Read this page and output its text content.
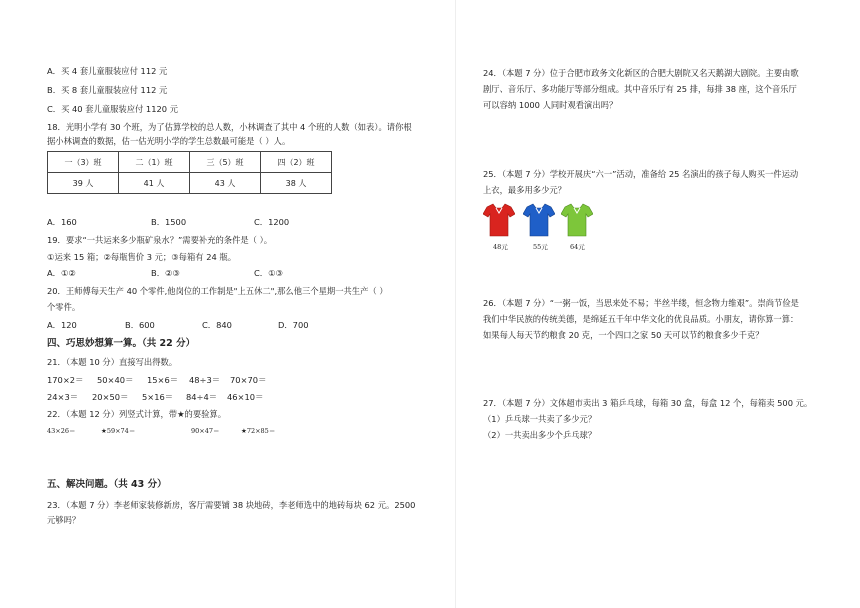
A．买 4 套儿童服装应付 112 元
B．买 8 套儿童服装应付 112 元
C．买 40 套儿童服装应付 1120 元
18．光明小学有 30 个班，为了估算学校的总人数，小林调查了其中 4 个班的人数（如表）。请你根
据小林调查的数据，估一估光明小学的学生总数最可能是（ ）人。
一（3）班	二（1）班	三（5）班	四（2）班
39 人	41 人	43 人	38 人
A．160	B．1500	C．1200
19．要求“一共运来多少瓶矿泉水？”需要补充的条件是（ ）。
①运来 15 箱；②每瓶售价 3 元；③每箱有 24 瓶。
A．①②	B．②③	C．①③
20．王师傅每天生产 40 个零件,他岗位的工作制是"上五休二",那么他三个星期一共生产（ ）
个零件。
A．120	B．600	C．840	D．700
四、巧思妙想算一算。（共 22 分）
21．（本题 10 分）直接写出得数。
170×2＝ 50×40＝ 15×6＝ 48÷3＝ 70×70＝
24×3＝ 20×50＝ 5×16＝ 84÷4＝ 46×10＝
22．（本题 12 分）列竖式计算，带★的要验算。
43×26＝	★59×74＝	90×47＝	★72×85＝
五、解决问题。（共 43 分）
23．（本题 7 分）李老师家装修新房，客厅需要铺 38 块地砖，李老师选中的地砖每块 62 元。2500
元够吗？
24．（本题 7 分）位于合肥市政务文化新区的合肥大剧院又名天鹅湖大剧院。主要由歌
剧厅、音乐厅、多功能厅等部分组成。其中音乐厅有 25 排，每排 38 座，这个音乐厅
可以容纳 1000 人同时观看演出吗？
25．（本题 7 分）学校开展庆“六一”活动，准备给 25 名演出的孩子每人购买一件运动
上衣，最多用多少元？
48元	55元	64元
26．（本题 7 分）“一粥一饭，当思来处不易；半丝半缕，恒念物力维艰”。崇尚节俭是
我们中华民族的传统美德，是绵延五千年中华文化的优良品质。小朋友，请你算一算：
如果每人每天节约粮食 20 克，一个四口之家 50 天可以节约粮食多少千克？
27．（本题 7 分）文体超市卖出 3 箱乒乓球，每箱 30 盒，每盒 12 个，每箱卖 500 元。
（1）乒乓球一共卖了多少元？
（2）一共卖出多少个乒乓球？
